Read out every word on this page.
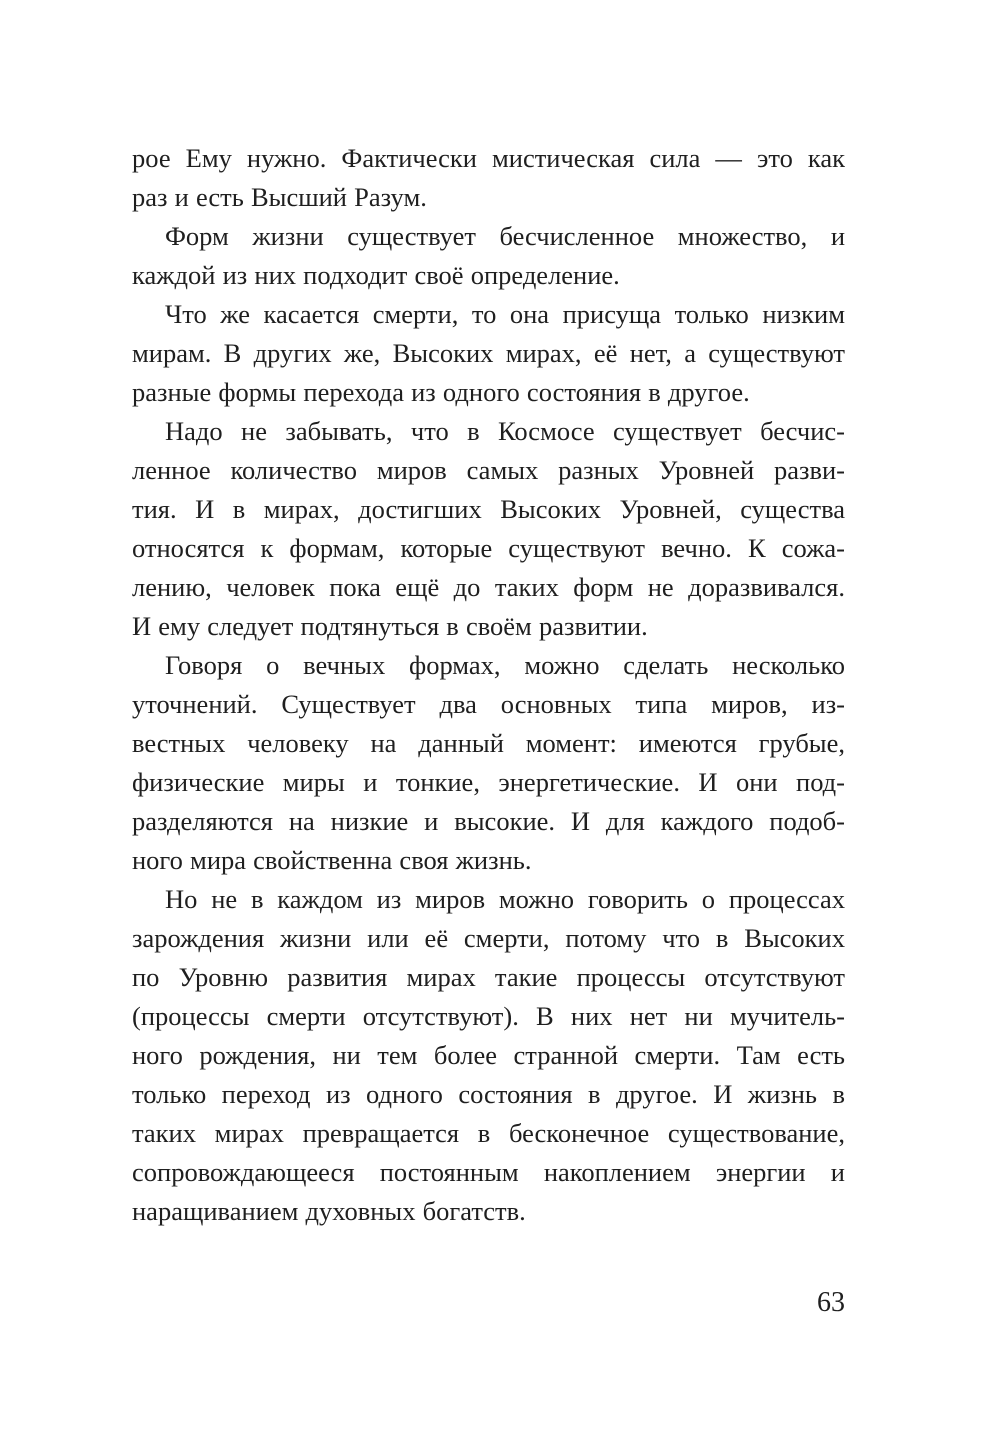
рое Ему нужно. Фактически мистическая сила — это как
раз и есть Высший Разум.
Форм жизни существует бесчисленное множество, и
каждой из них подходит своё определение.
Что же касается смерти, то она присуща только низким
мирам. В других же, Высоких мирах, её нет, а существуют
разные формы перехода из одного состояния в другое.
Надо не забывать, что в Космосе существует бесчис-
ленное количество миров самых разных Уровней разви-
тия. И в мирах, достигших Высоких Уровней, существа
относятся к формам, которые существуют вечно. К сожа-
лению, человек пока ещё до таких форм не доразвивался.
И ему следует подтянуться в своём развитии.
Говоря о вечных формах, можно сделать несколько
уточнений. Существует два основных типа миров, из-
вестных человеку на данный момент: имеются грубые,
физические миры и тонкие, энергетические. И они под-
разделяются на низкие и высокие. И для каждого подоб-
ного мира свойственна своя жизнь.
Но не в каждом из миров можно говорить о процессах
зарождения жизни или её смерти, потому что в Высоких
по Уровню развития мирах такие процессы отсутствуют
(процессы смерти отсутствуют). В них нет ни мучитель-
ного рождения, ни тем более странной смерти. Там есть
только переход из одного состояния в другое. И жизнь в
таких мирах превращается в бесконечное существование,
сопровождающееся постоянным накоплением энергии и
наращиванием духовных богатств.
63
